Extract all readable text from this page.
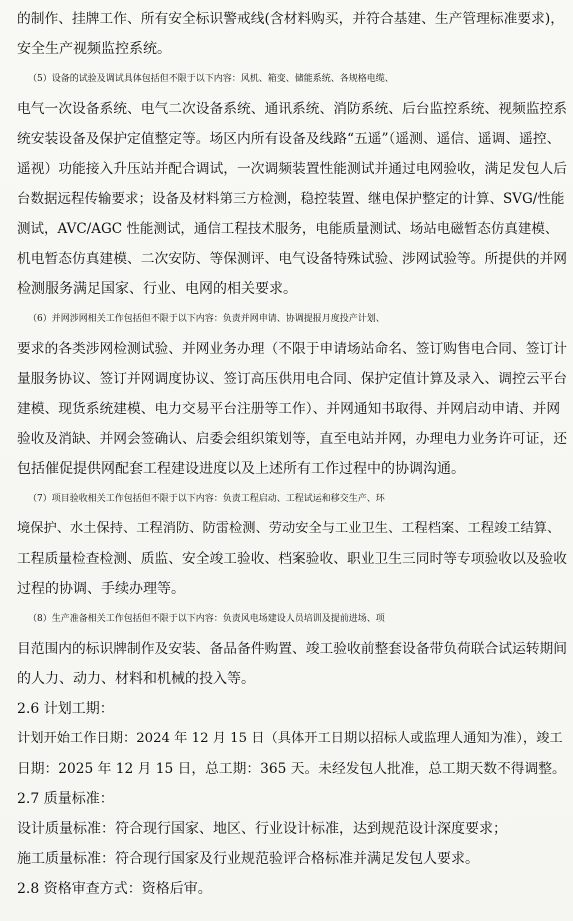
的制作、挂牌工作、所有安全标识警戒线(含材料购买，并符合基建、生产管理标准要求)，
安全生产视频监控系统。
（5）设备的试验及调试具体包括但不限于以下内容：风机、箱变、储能系统、各规格电缆、
电气一次设备系统、电气二次设备系统、通讯系统、消防系统、后台监控系统、视频监控系
统安装设备及保护定值整定等。场区内所有设备及线路“五遥”（遥测、遥信、遥调、遥控、
遥视）功能接入升压站并配合调试，一次调频装置性能测试并通过电网验收，满足发包人后
台数据远程传输要求；设备及材料第三方检测，稳控装置、继电保护整定的计算、SVG/性能
测试，AVC/AGC 性能测试，通信工程技术服务，电能质量测试、场站电磁暂态仿真建模、
机电暂态仿真建模、二次安防、等保测评、电气设备特殊试验、涉网试验等。所提供的并网
检测服务满足国家、行业、电网的相关要求。
（6）并网涉网相关工作包括但不限于以下内容：负责并网申请、协调提报月度投产计划、
要求的各类涉网检测试验、并网业务办理（不限于申请场站命名、签订购售电合同、签订计
量服务协议、签订并网调度协议、签订高压供用电合同、保护定值计算及录入、调控云平台
建模、现货系统建模、电力交易平台注册等工作）、并网通知书取得、并网启动申请、并网
验收及消缺、并网会签确认、启委会组织策划等，直至电站并网，办理电力业务许可证，还
包括催促提供网配套工程建设进度以及上述所有工作过程中的协调沟通。
（7）项目验收相关工作包括但不限于以下内容：负责工程启动、工程试运和移交生产、环
境保护、水土保持、工程消防、防雷检测、劳动安全与工业卫生、工程档案、工程竣工结算、
工程质量检查检测、质监、安全竣工验收、档案验收、职业卫生三同时等专项验收以及验收
过程的协调、手续办理等。
（8）生产准备相关工作包括但不限于以下内容：负责风电场建设人员培训及提前进场、项
目范围内的标识牌制作及安装、备品备件购置、竣工验收前整套设备带负荷联合试运转期间
的人力、动力、材料和机械的投入等。
2.6 计划工期：
计划开始工作日期：2024 年 12 月 15 日（具体开工日期以招标人或监理人通知为准），竣工
日期：2025 年 12 月 15 日，总工期：365 天。未经发包人批准，总工期天数不得调整。
2.7 质量标准：
设计质量标准：符合现行国家、地区、行业设计标准，达到规范设计深度要求；
施工质量标准：符合现行国家及行业规范验评合格标准并满足发包人要求。
2.8 资格审查方式：资格后审。
